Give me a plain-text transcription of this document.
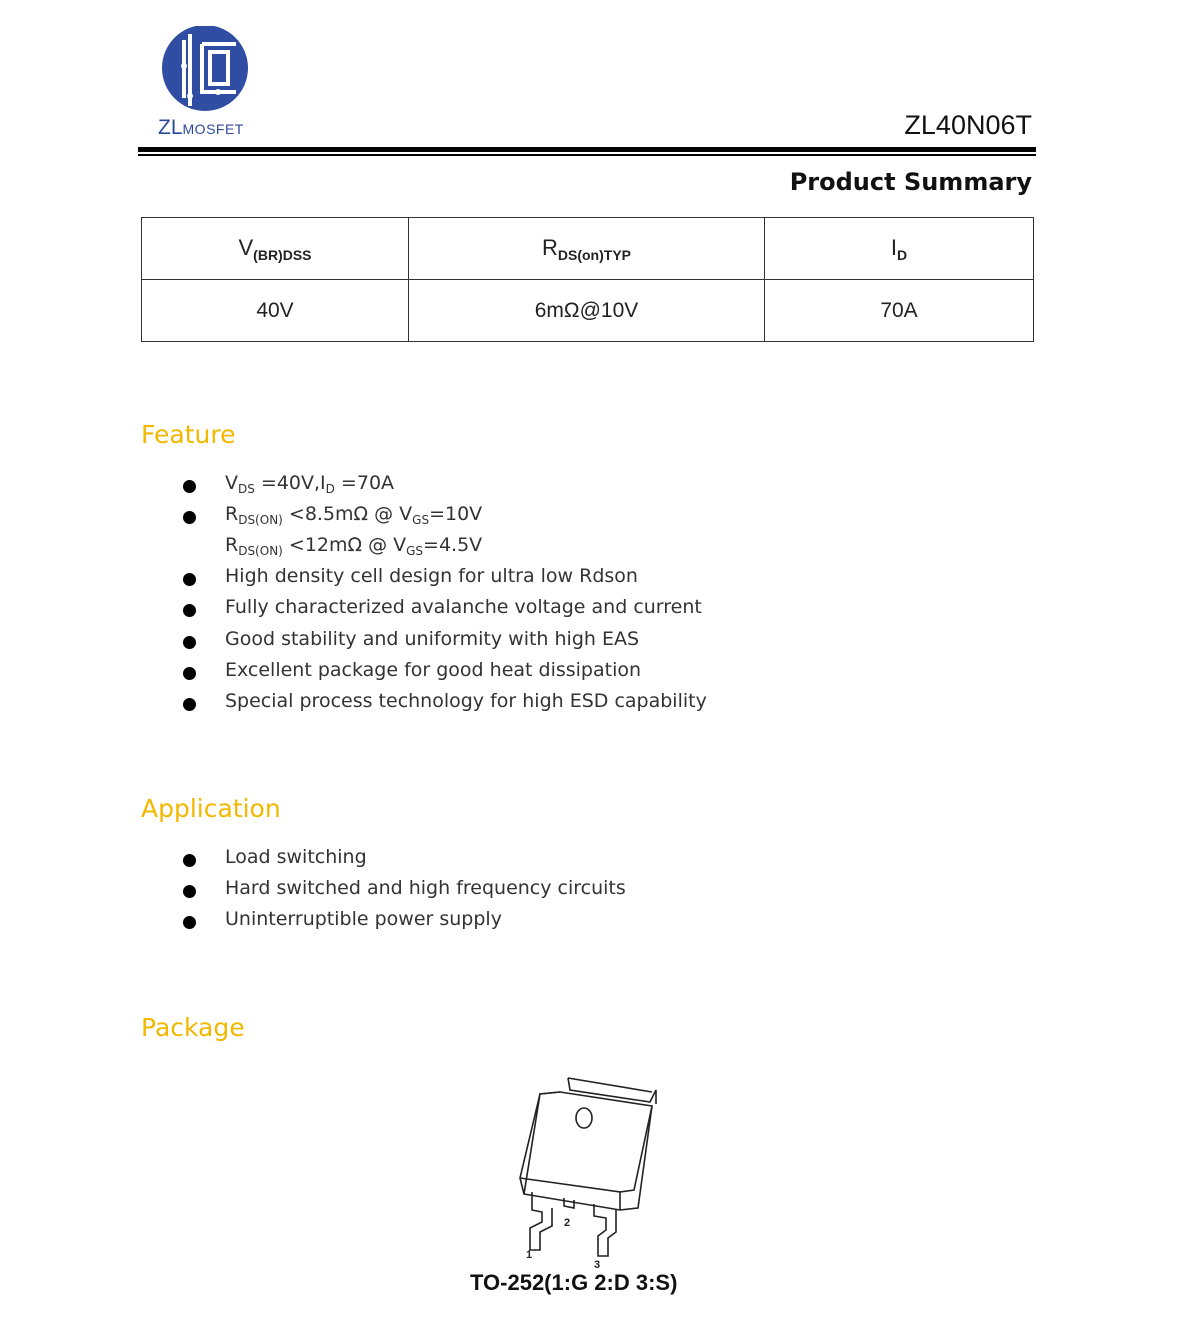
ZLMOSFET	ZL40N06T
Product Summary
$V_{(BR)DSS}$	$R_{DS(on)TYP}$	$I_D$
40V	6mΩ@10V	70A
Feature
$V_{DS} =40V,I_D =70A$
$R_{DS(ON)} <8.5m\Omega$ @ $V_{GS}=10V$
$R_{DS(ON)} <12m\Omega$ @ $V_{GS}=4.5V$
High density cell design for ultra low Rdson
Fully characterized avalanche voltage and current
Good stability and uniformity with high EAS
Excellent package for good heat dissipation
Special process technology for high ESD capability
Application
Load switching
Hard switched and high frequency circuits
Uninterruptible power supply
Package
1
2
3
TO-252(1:G 2:D 3:S)
